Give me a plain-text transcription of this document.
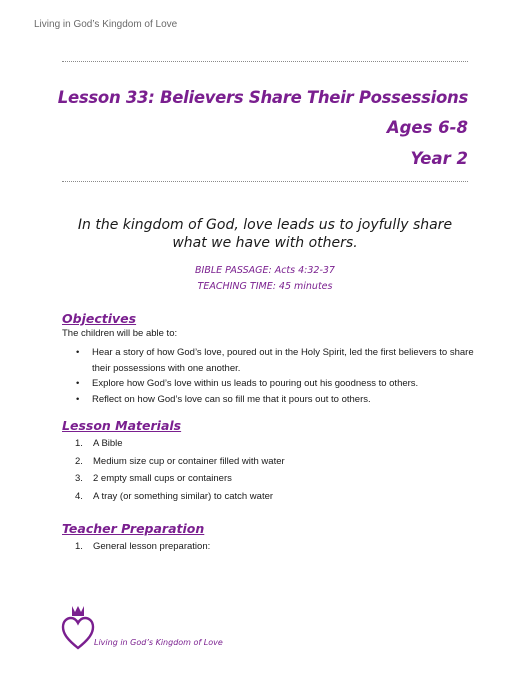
Living in God’s Kingdom of Love
Lesson 33: Believers Share Their Possessions
Ages 6-8
Year 2
In the kingdom of God, love leads us to joyfully share what we have with others.
BIBLE PASSAGE: Acts 4:32-37
TEACHING TIME: 45 minutes
Objectives
The children will be able to:
• Hear a story of how God’s love, poured out in the Holy Spirit, led the first believers to share their possessions with one another.
• Explore how God’s love within us leads to pouring out his goodness to others.
• Reflect on how God’s love can so fill me that it pours out to others.
Lesson Materials
1. A Bible
2. Medium size cup or container filled with water
3. 2 empty small cups or containers
4. A tray (or something similar) to catch water
Teacher Preparation
1. General lesson preparation:
Living in God’s Kingdom of Love
